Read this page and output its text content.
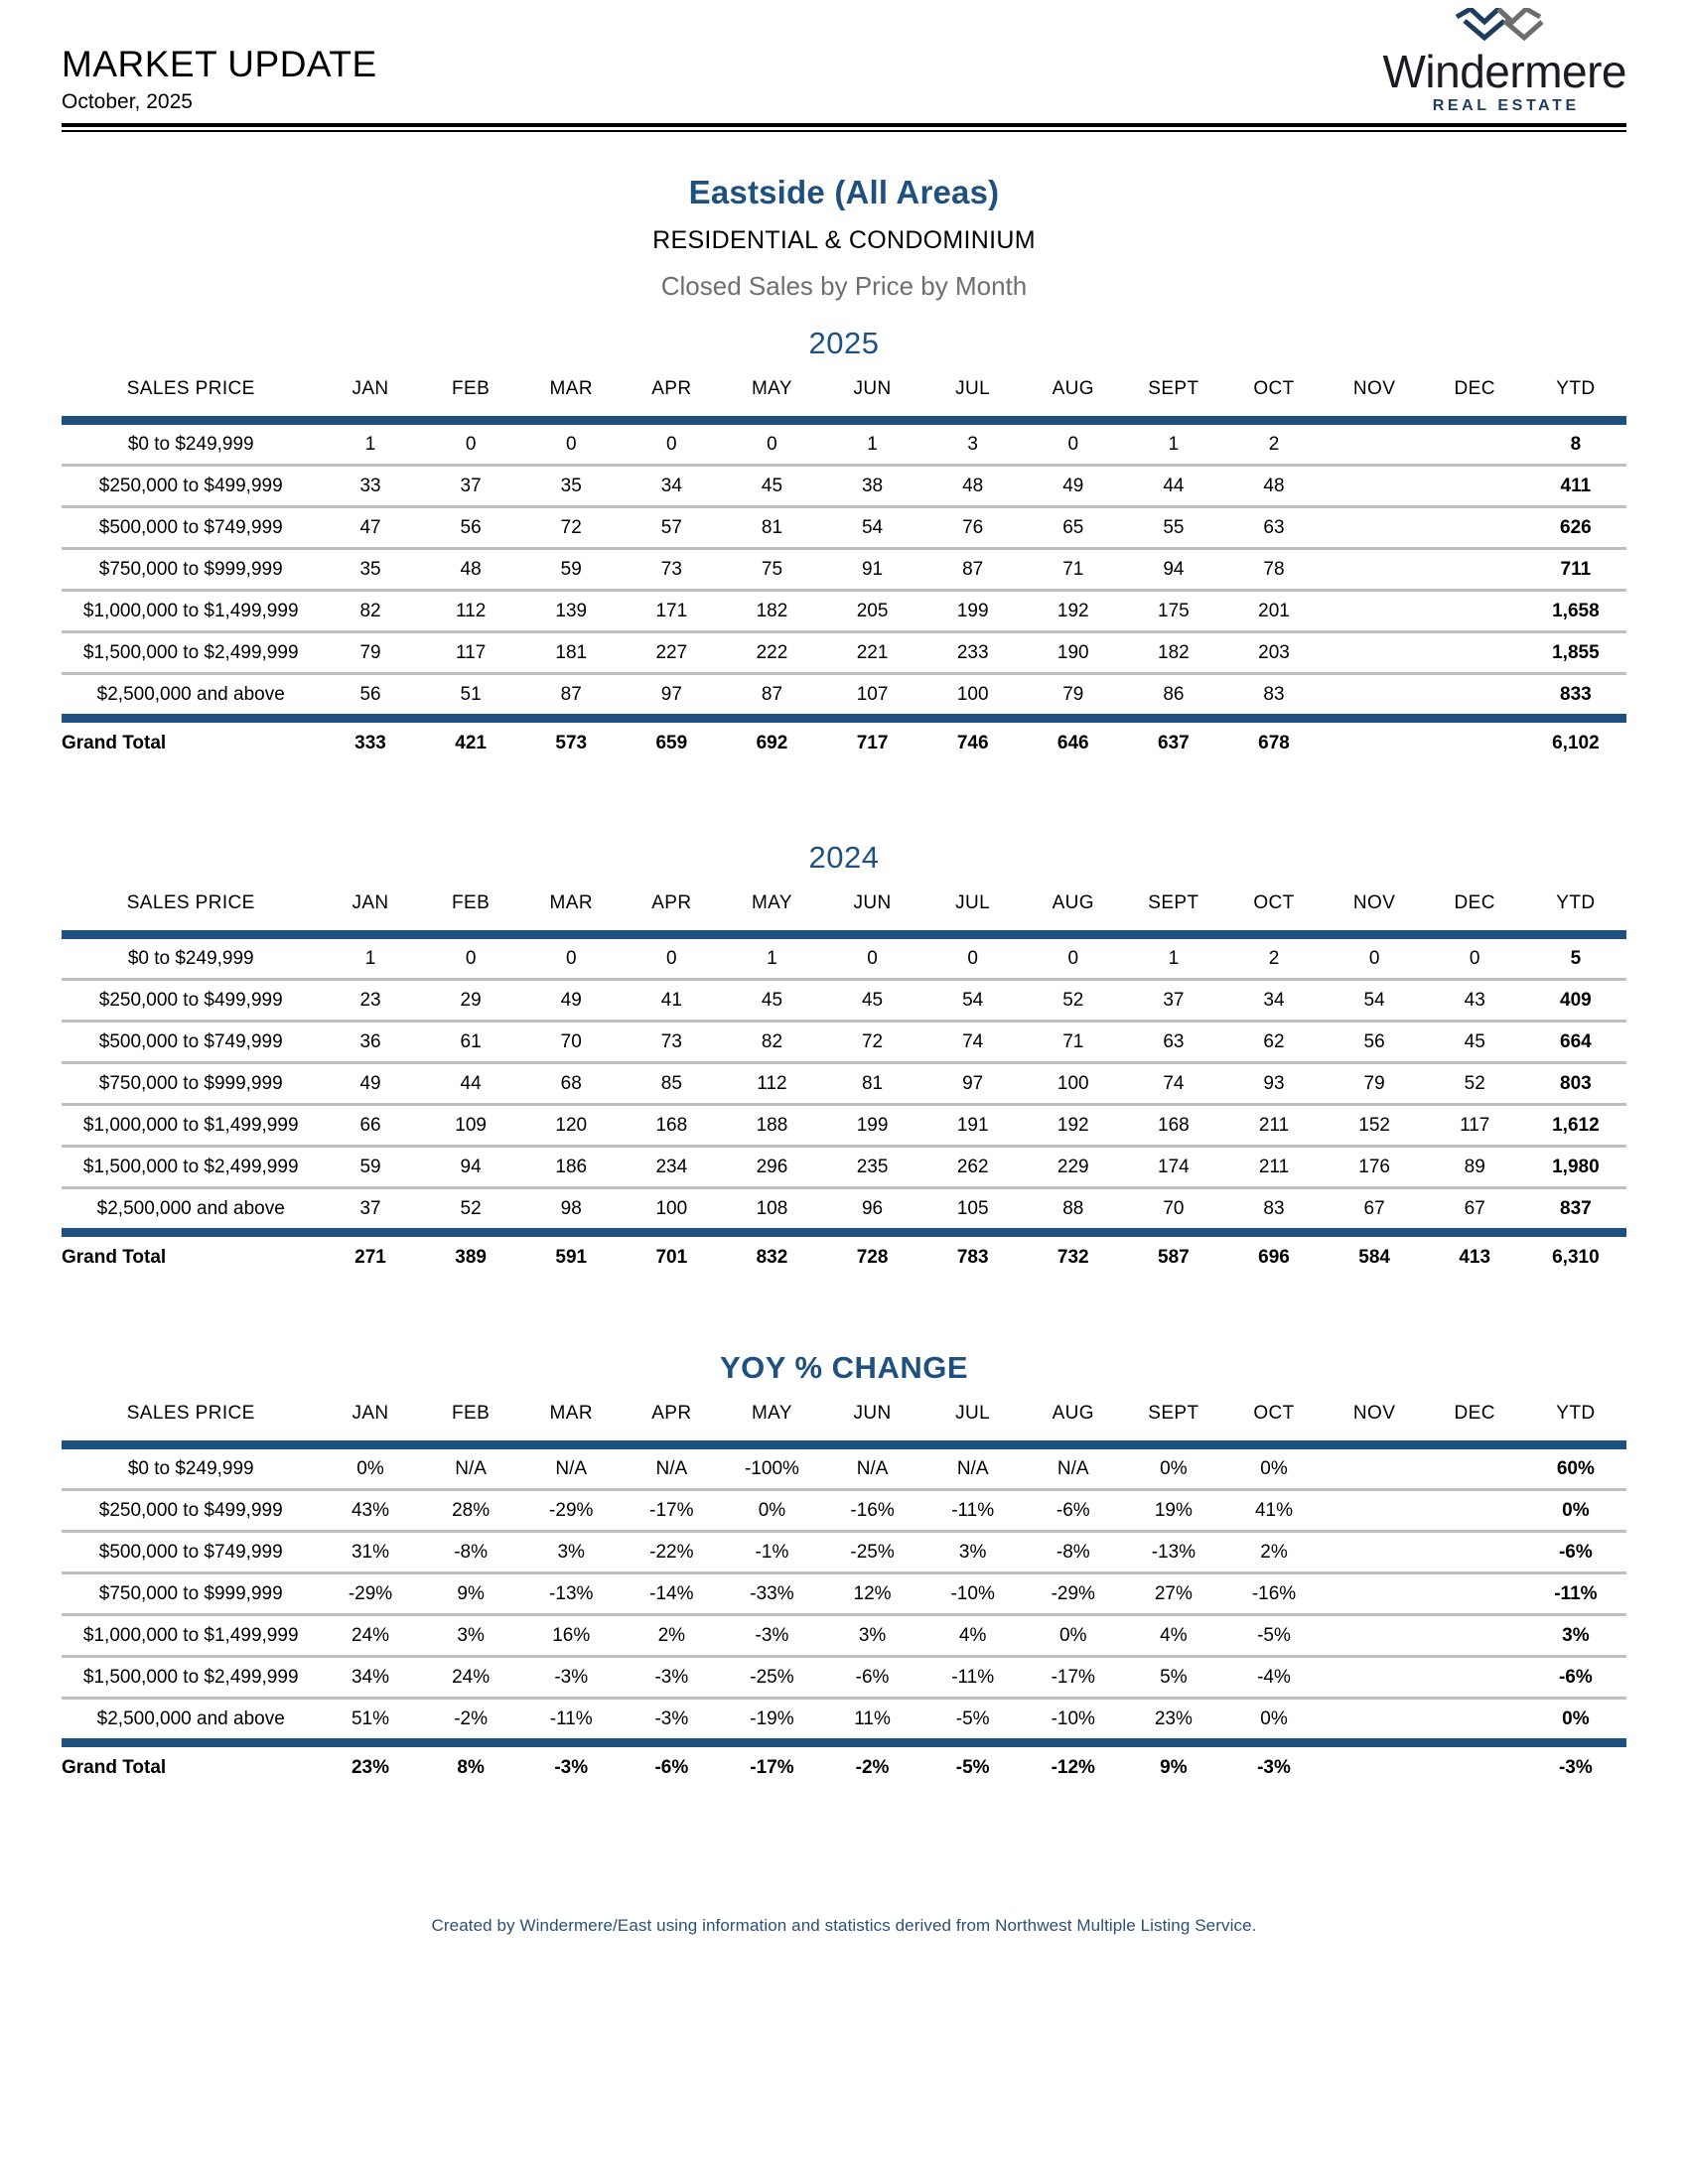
MARKET UPDATE
October, 2025
Windermere
REAL ESTATE
Eastside (All Areas)
RESIDENTIAL & CONDOMINIUM
Closed Sales by Price by Month
2025
SALES PRICE	JAN	FEB	MAR	APR	MAY	JUN	JUL	AUG	SEPT	OCT	NOV	DEC	YTD

$0 to $249,999	1	0	0	0	0	1	3	0	1	2			8
$250,000 to $499,999	33	37	35	34	45	38	48	49	44	48			411
$500,000 to $749,999	47	56	72	57	81	54	76	65	55	63			626
$750,000 to $999,999	35	48	59	73	75	91	87	71	94	78			711
$1,000,000 to $1,499,999	82	112	139	171	182	205	199	192	175	201			1,658
$1,500,000 to $2,499,999	79	117	181	227	222	221	233	190	182	203			1,855
$2,500,000 and above	56	51	87	97	87	107	100	79	86	83			833

Grand Total	333	421	573	659	692	717	746	646	637	678			6,102
2024
SALES PRICE	JAN	FEB	MAR	APR	MAY	JUN	JUL	AUG	SEPT	OCT	NOV	DEC	YTD

$0 to $249,999	1	0	0	0	1	0	0	0	1	2	0	0	5
$250,000 to $499,999	23	29	49	41	45	45	54	52	37	34	54	43	409
$500,000 to $749,999	36	61	70	73	82	72	74	71	63	62	56	45	664
$750,000 to $999,999	49	44	68	85	112	81	97	100	74	93	79	52	803
$1,000,000 to $1,499,999	66	109	120	168	188	199	191	192	168	211	152	117	1,612
$1,500,000 to $2,499,999	59	94	186	234	296	235	262	229	174	211	176	89	1,980
$2,500,000 and above	37	52	98	100	108	96	105	88	70	83	67	67	837

Grand Total	271	389	591	701	832	728	783	732	587	696	584	413	6,310
YOY % CHANGE
SALES PRICE	JAN	FEB	MAR	APR	MAY	JUN	JUL	AUG	SEPT	OCT	NOV	DEC	YTD

$0 to $249,999	0%	N/A	N/A	N/A	-100%	N/A	N/A	N/A	0%	0%			60%
$250,000 to $499,999	43%	28%	-29%	-17%	0%	-16%	-11%	-6%	19%	41%			0%
$500,000 to $749,999	31%	-8%	3%	-22%	-1%	-25%	3%	-8%	-13%	2%			-6%
$750,000 to $999,999	-29%	9%	-13%	-14%	-33%	12%	-10%	-29%	27%	-16%			-11%
$1,000,000 to $1,499,999	24%	3%	16%	2%	-3%	3%	4%	0%	4%	-5%			3%
$1,500,000 to $2,499,999	34%	24%	-3%	-3%	-25%	-6%	-11%	-17%	5%	-4%			-6%
$2,500,000 and above	51%	-2%	-11%	-3%	-19%	11%	-5%	-10%	23%	0%			0%

Grand Total	23%	8%	-3%	-6%	-17%	-2%	-5%	-12%	9%	-3%			-3%
Created by Windermere/East using information and statistics derived from Northwest Multiple Listing Service.
